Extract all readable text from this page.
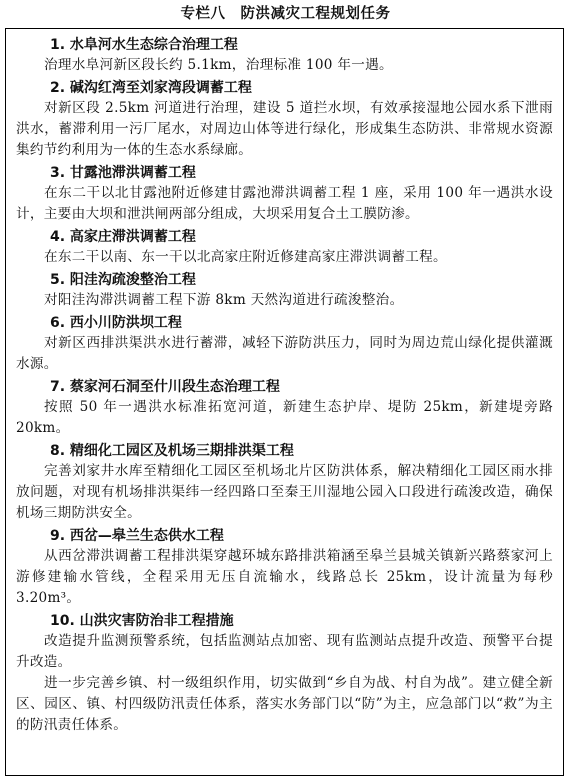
专栏八　防洪减灾工程规划任务
1. 水阜河水生态综合治理工程
治理水阜河新区段长约 5.1km，治理标准 100 年一遇。
2. 碱沟红湾至刘家湾段调蓄工程
对新区段 2.5km 河道进行治理，建设 5 道拦水坝，有效承接湿地公园水系下泄雨洪水，蓄滞利用一污厂尾水，对周边山体等进行绿化，形成集生态防洪、非常规水资源集约节约利用为一体的生态水系绿廊。
3. 甘露池滞洪调蓄工程
在东二干以北甘露池附近修建甘露池滞洪调蓄工程 1 座，采用 100 年一遇洪水设计，主要由大坝和泄洪闸两部分组成，大坝采用复合土工膜防渗。
4. 高家庄滞洪调蓄工程
在东二干以南、东一干以北高家庄附近修建高家庄滞洪调蓄工程。
5. 阳洼沟疏浚整治工程
对阳洼沟滞洪调蓄工程下游 8km 天然沟道进行疏浚整治。
6. 西小川防洪坝工程
对新区西排洪渠洪水进行蓄滞，减轻下游防洪压力，同时为周边荒山绿化提供灌溉水源。
7. 蔡家河石洞至什川段生态治理工程
按照 50 年一遇洪水标准拓宽河道，新建生态护岸、堤防 25km，新建堤旁路 20km。
8. 精细化工园区及机场三期排洪渠工程
完善刘家井水库至精细化工园区至机场北片区防洪体系，解决精细化工园区雨水排放问题，对现有机场排洪渠纬一经四路口至秦王川湿地公园入口段进行疏浚改造，确保机场三期防洪安全。
9. 西岔—皋兰生态供水工程
从西岔滞洪调蓄工程排洪渠穿越环城东路排洪箱涵至皋兰县城关镇新兴路蔡家河上游修建输水管线，全程采用无压自流输水，线路总长 25km，设计流量为每秒 3.20m³。
10. 山洪灾害防治非工程措施
改造提升监测预警系统，包括监测站点加密、现有监测站点提升改造、预警平台提升改造。
进一步完善乡镇、村一级组织作用，切实做到“乡自为战、村自为战”。建立健全新区、园区、镇、村四级防汛责任体系，落实水务部门以“防”为主，应急部门以“救”为主的防汛责任体系。
